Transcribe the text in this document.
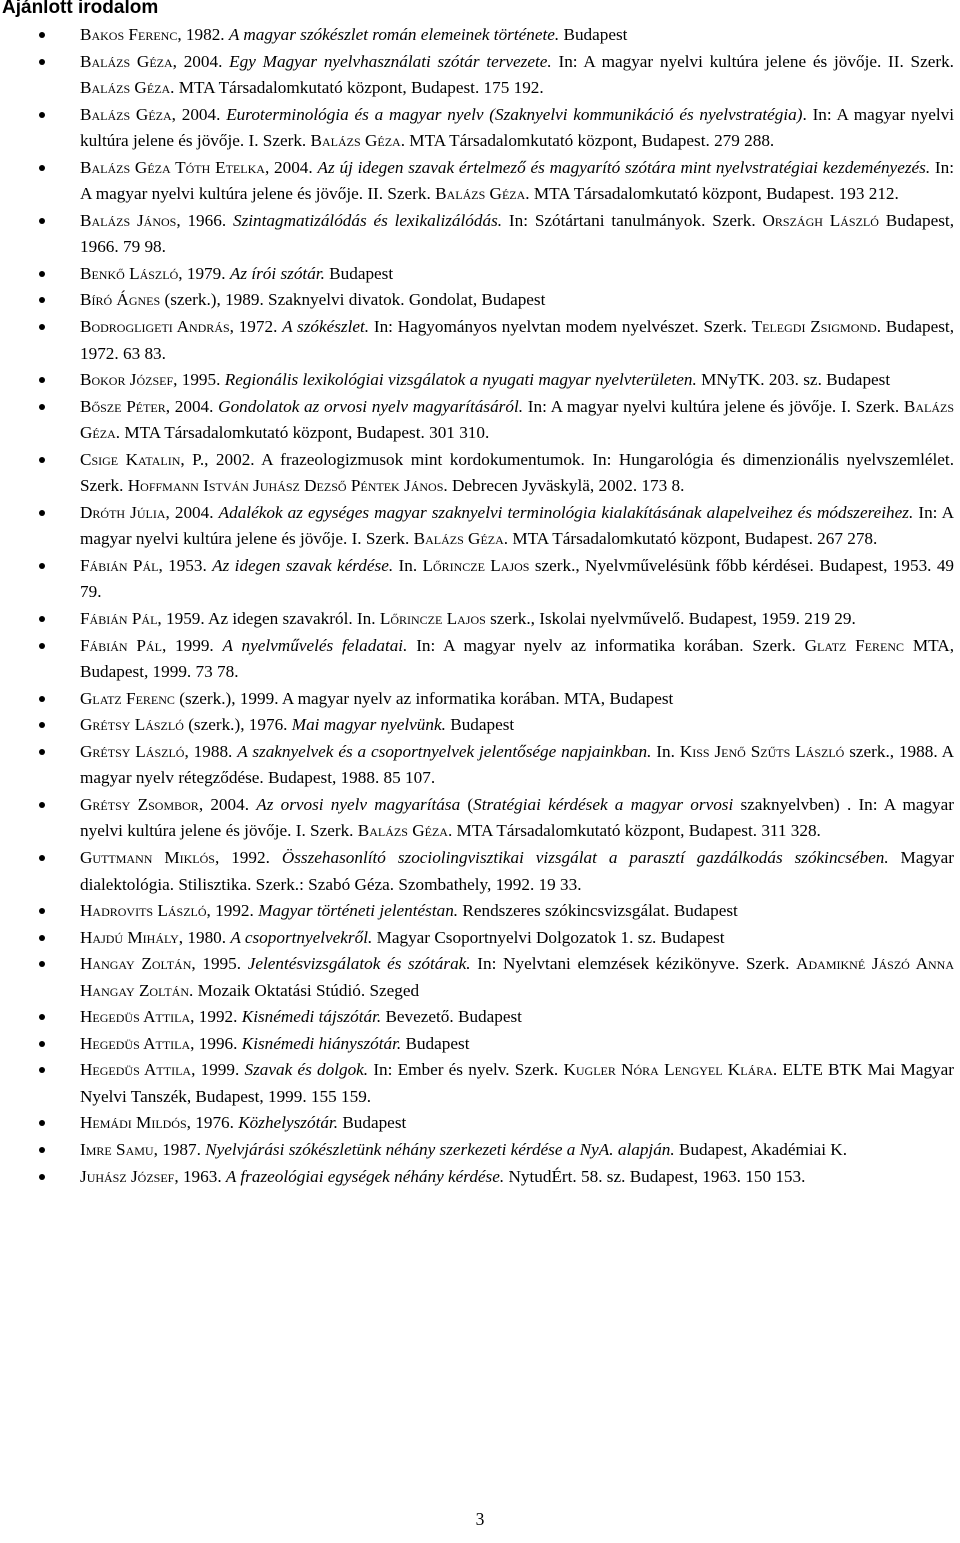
Ajánlott irodalom
Bakos Ferenc, 1982. A magyar szókészlet román elemeinek története. Budapest
Balázs Géza, 2004. Egy Magyar nyelvhasználati szótár tervezete. In: A magyar nyelvi kultúra jelene és jövője. II. Szerk. Balázs Géza. MTA Társadalomkutató központ, Budapest. 175 192.
Balázs Géza, 2004. Euroterminológia és a magyar nyelv (Szaknyelvi kommunikáció és nyelvstratégia). In: A magyar nyelvi kultúra jelene és jövője. I. Szerk. Balázs Géza. MTA Társadalomkutató központ, Budapest. 279 288.
Balázs Géza Tóth Etelka, 2004. Az új idegen szavak értelmező és magyarító szótára mint nyelvstratégiai kezdeményezés. In: A magyar nyelvi kultúra jelene és jövője. II. Szerk. Balázs Géza. MTA Társadalomkutató központ, Budapest. 193 212.
Balázs János, 1966. Szintagmatizálódás és lexikalizálódás. In: Szótártani tanulmányok. Szerk. Országh László Budapest, 1966. 79 98.
Benkő László, 1979. Az írói szótár. Budapest
Bíró Ágnes (szerk.), 1989. Szaknyelvi divatok. Gondolat, Budapest
Bodrogligeti András, 1972. A szókészlet. In: Hagyományos nyelvtan modem nyelvészet. Szerk. Telegdi Zsigmond. Budapest, 1972. 63 83.
Bokor József, 1995. Regionális lexikológiai vizsgálatok a nyugati magyar nyelvterületen. MNyTK. 203. sz. Budapest
Bősze Péter, 2004. Gondolatok az orvosi nyelv magyarításáról. In: A magyar nyelvi kultúra jelene és jövője. I. Szerk. Balázs Géza. MTA Társadalomkutató központ, Budapest. 301 310.
Csige Katalin, P., 2002. A frazeologizmusok mint kordokumentumok. In: Hungarológia és dimenzionális nyelvszemlélet. Szerk. Hoffmann István Juhász Dezső Péntek János. Debrecen Jyväskylä, 2002. 173 8.
Dróth Júlia, 2004. Adalékok az egységes magyar szaknyelvi terminológia kialakításának alapelveihez és módszereihez. In: A magyar nyelvi kultúra jelene és jövője. I. Szerk. Balázs Géza. MTA Társadalomkutató központ, Budapest. 267 278.
Fábián Pál, 1953. Az idegen szavak kérdése. In. Lőrincze Lajos szerk., Nyelvművelésünk főbb kérdései. Budapest, 1953. 49 79.
Fábián Pál, 1959. Az idegen szavakról. In. Lőrincze Lajos szerk., Iskolai nyelvművelő. Budapest, 1959. 219 29.
Fábián Pál, 1999. A nyelvművelés feladatai. In: A magyar nyelv az informatika korában. Szerk. Glatz Ferenc MTA, Budapest, 1999. 73 78.
Glatz Ferenc (szerk.), 1999. A magyar nyelv az informatika korában. MTA, Budapest
Grétsy László (szerk.), 1976. Mai magyar nyelvünk. Budapest
Grétsy László, 1988. A szaknyelvek és a csoportnyelvek jelentősége napjainkban. In. Kiss Jenő Szűts László szerk., 1988. A magyar nyelv rétegződése. Budapest, 1988. 85 107.
Grétsy Zsombor, 2004. Az orvosi nyelv magyarítása (Stratégiai kérdések a magyar orvosi szaknyelvben) . In: A magyar nyelvi kultúra jelene és jövője. I. Szerk. Balázs Géza. MTA Társadalomkutató központ, Budapest. 311 328.
Guttmann Miklós, 1992. Összehasonlító szociolingvisztikai vizsgálat a parasztí gazdálkodás szókincsében. Magyar dialektológia. Stilisztika. Szerk.: Szabó Géza. Szombathely, 1992. 19 33.
Hadrovits László, 1992. Magyar történeti jelentéstan. Rendszeres szókincsvizsgálat. Budapest
Hajdú Mihály, 1980. A csoportnyelvekről. Magyar Csoportnyelvi Dolgozatok 1. sz. Budapest
Hangay Zoltán, 1995. Jelentésvizsgálatok és szótárak. In: Nyelvtani elemzések kézikönyve. Szerk. Adamikné Jászó Anna Hangay Zoltán. Mozaik Oktatási Stúdió. Szeged
Hegedüs Attila, 1992. Kisnémedi tájszótár. Bevezető. Budapest
Hegedüs Attila, 1996. Kisnémedi hiányszótár. Budapest
Hegedüs Attila, 1999. Szavak és dolgok. In: Ember és nyelv. Szerk. Kugler Nóra Lengyel Klára. ELTE BTK Mai Magyar Nyelvi Tanszék, Budapest, 1999. 155 159.
Hemádi Mildós, 1976. Közhelyszótár. Budapest
Imre Samu, 1987. Nyelvjárási szókészletünk néhány szerkezeti kérdése a NyA. alapján. Budapest, Akadémiai K.
Juhász József, 1963. A frazeológiai egységek néhány kérdése. NytudÉrt. 58. sz. Budapest, 1963. 150 153.
3
